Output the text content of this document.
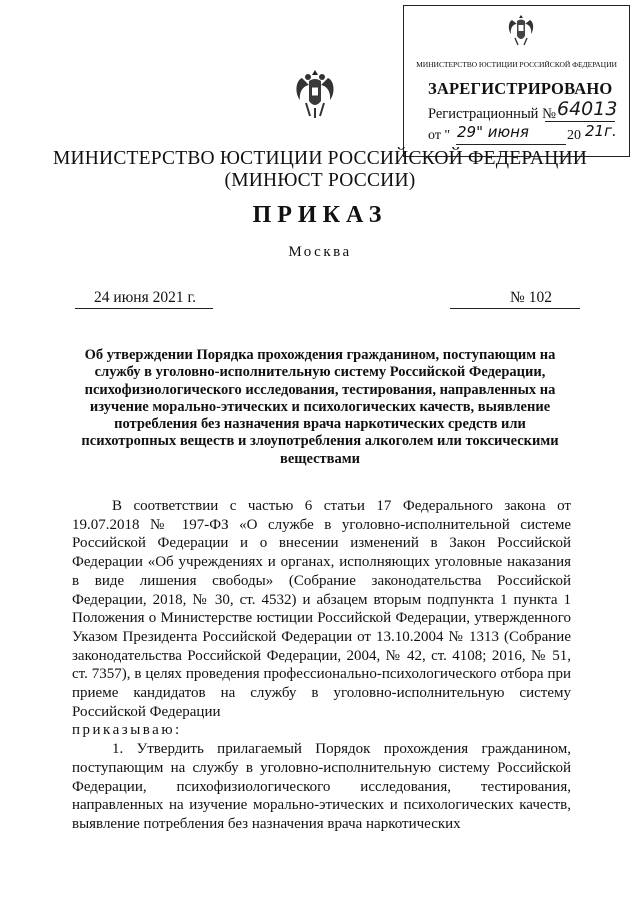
МИНИСТЕРСТВО ЮСТИЦИИ РОССИЙСКОЙ ФЕДЕРАЦИИ
ЗАРЕГИСТРИРОВАНО
Регистрационный № 64013
от " 29" июня	20 21г.
МИНИСТЕРСТВО ЮСТИЦИИ РОССИЙСКОЙ ФЕДЕРАЦИИ
(МИНЮСТ РОССИИ)
ПРИКАЗ
Москва
24 июня 2021 г.	№ 102
Об утверждении Порядка прохождения гражданином, поступающим на службу в уголовно-исполнительную систему Российской Федерации, психофизиологического исследования, тестирования, направленных на изучение морально-этических и психологических качеств, выявление потребления без назначения врача наркотических средств или психотропных веществ и злоупотребления алкоголем или токсическими веществами

В соответствии с частью 6 статьи 17 Федерального закона от 19.07.2018 № 197-ФЗ «О службе в уголовно-исполнительной системе Российской Федерации и о внесении изменений в Закон Российской Федерации «Об учреждениях и органах, исполняющих уголовные наказания в виде лишения свободы» (Собрание законодательства Российской Федерации, 2018, № 30, ст. 4532) и абзацем вторым подпункта 1 пункта 1 Положения о Министерстве юстиции Российской Федерации, утвержденного Указом Президента Российской Федерации от 13.10.2004 № 1313 (Собрание законодательства Российской Федерации, 2004, № 42, ст. 4108; 2016, № 51, ст. 7357), в целях проведения профессионально-психологического отбора при приеме кандидатов на службу в уголовно-исполнительную систему Российской Федерации

приказываю:

1. Утвердить прилагаемый Порядок прохождения гражданином, поступающим на службу в уголовно-исполнительную систему Российской Федерации, психофизиологического исследования, тестирования, направленных на изучение морально-этических и психологических качеств, выявление потребления без назначения врача наркотических
